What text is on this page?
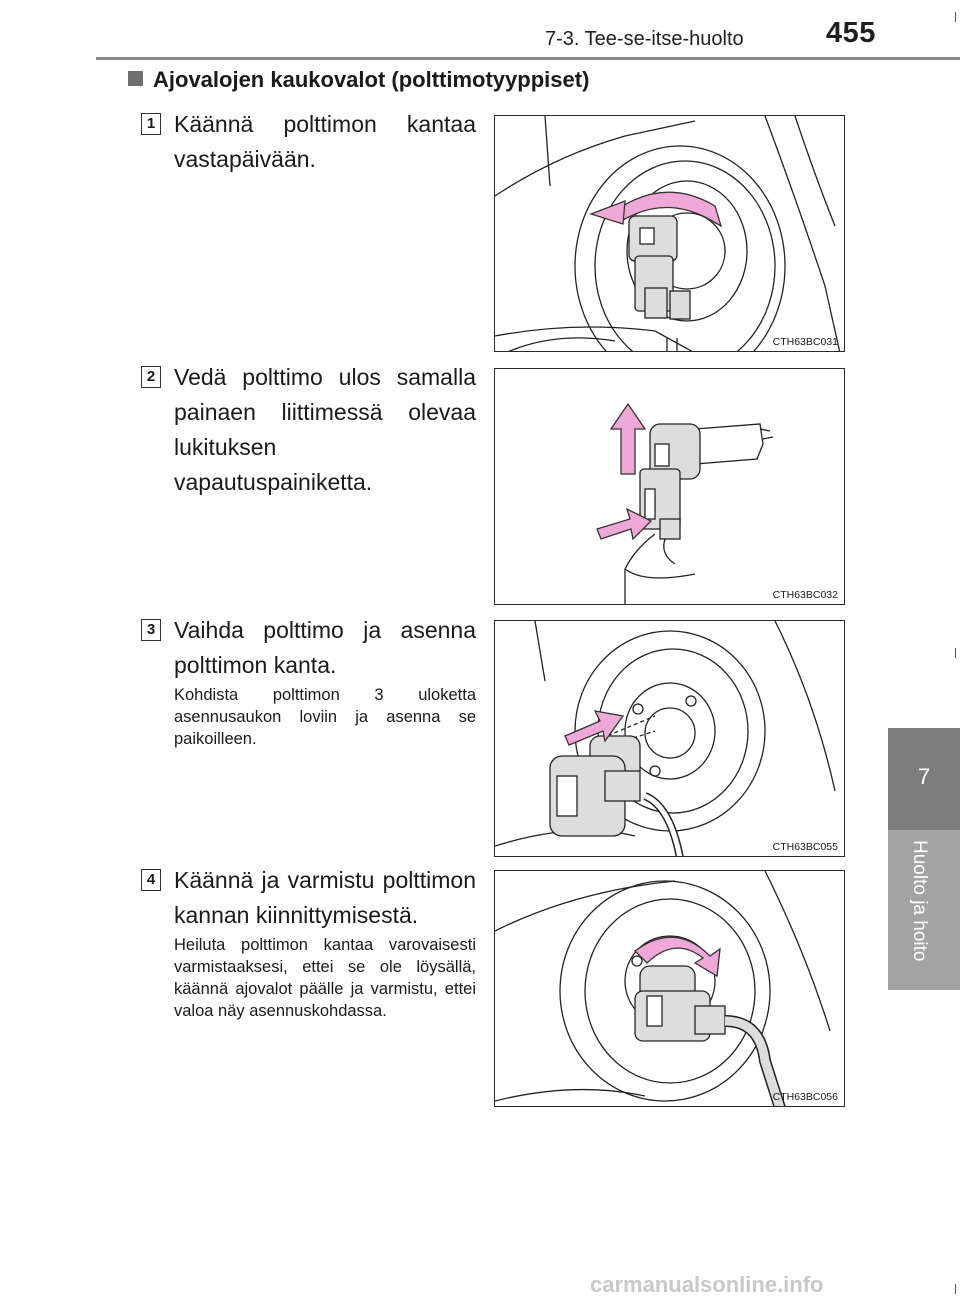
7-3. Tee-se-itse-huolto	455
7
Huolto ja hoito
Ajovalojen kaukovalot (polttimotyyppiset)
1 Käännä polttimon kantaa vastapäivään.
CTH63BC031
2 Vedä polttimo ulos samalla painaen liittimessä olevaa lukituksen vapautuspainiketta.
CTH63BC032
3 Vaihda polttimo ja asenna polttimon kanta.
Kohdista polttimon 3 uloketta asennusaukon loviin ja asenna se paikoilleen.
CTH63BC055
4 Käännä ja varmistu polttimon kannan kiinnittymisestä.
Heiluta polttimon kantaa varovaisesti varmistaaksesi, ettei se ole löysällä, käännä ajovalot päälle ja varmistu, ettei valoa näy asennuskohdassa.
CTH63BC056
carmanualsonline.info
